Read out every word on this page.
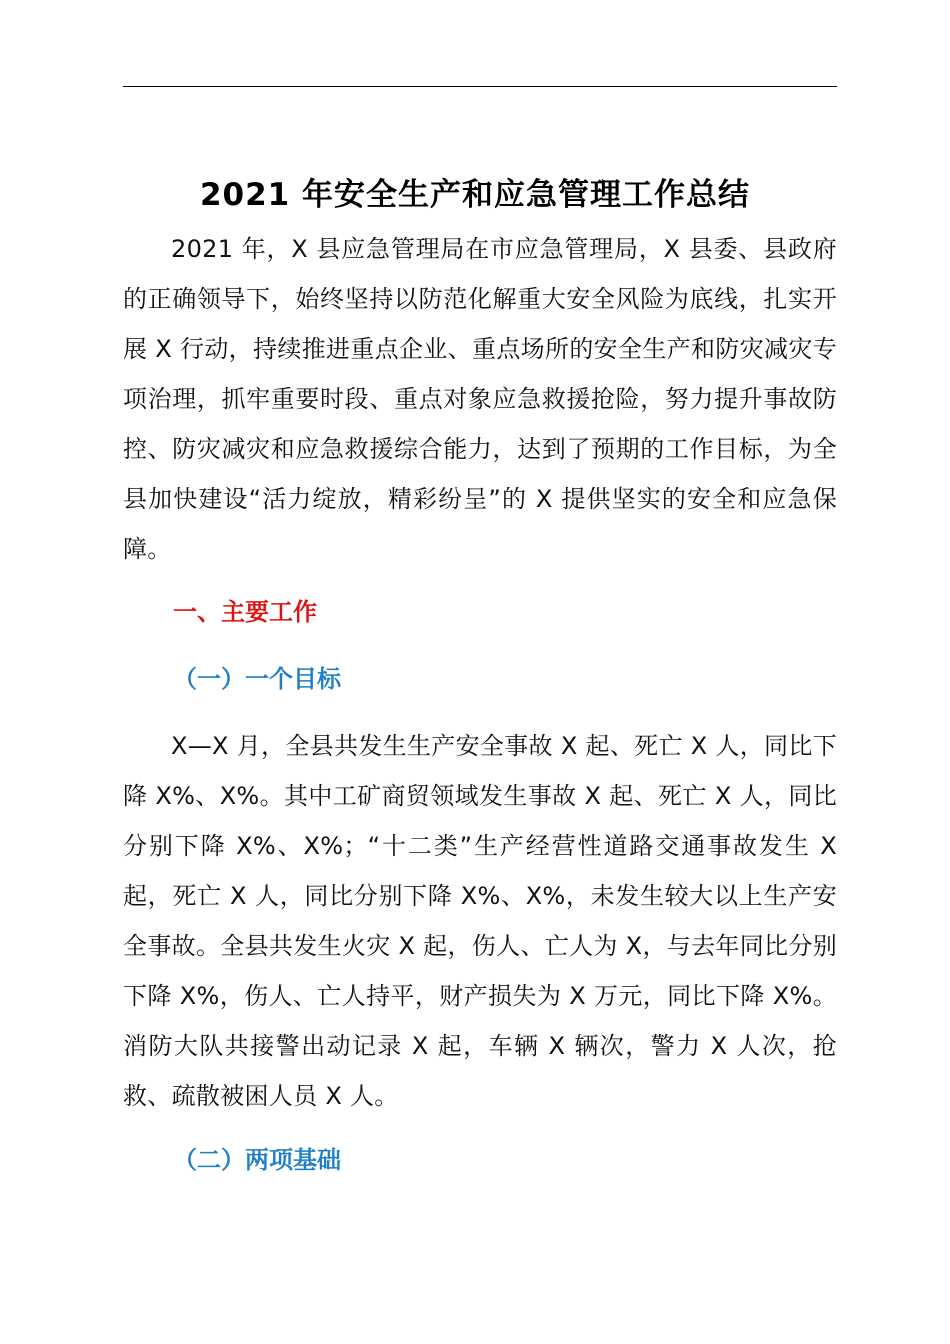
2021 年安全生产和应急管理工作总结

2021 年，X 县应急管理局在市应急管理局，X 县委、县政府的正确领导下，始终坚持以防范化解重大安全风险为底线，扎实开展 X 行动，持续推进重点企业、重点场所的安全生产和防灾减灾专项治理，抓牢重要时段、重点对象应急救援抢险，努力提升事故防控、防灾减灾和应急救援综合能力，达到了预期的工作目标，为全县加快建设“活力绽放，精彩纷呈”的 X 提供坚实的安全和应急保障。

一、主要工作
（一）一个目标

X—X 月，全县共发生生产安全事故 X 起、死亡 X 人，同比下降 X%、X%。其中工矿商贸领域发生事故 X 起、死亡 X 人，同比分别下降 X%、X%；“十二类”生产经营性道路交通事故发生 X 起，死亡 X 人，同比分别下降 X%、X%，未发生较大以上生产安全事故。全县共发生火灾 X 起，伤人、亡人为 X，与去年同比分别下降 X%，伤人、亡人持平，财产损失为 X 万元，同比下降 X%。消防大队共接警出动记录 X 起，车辆 X 辆次，警力 X 人次，抢救、疏散被困人员 X 人。

（二）两项基础
